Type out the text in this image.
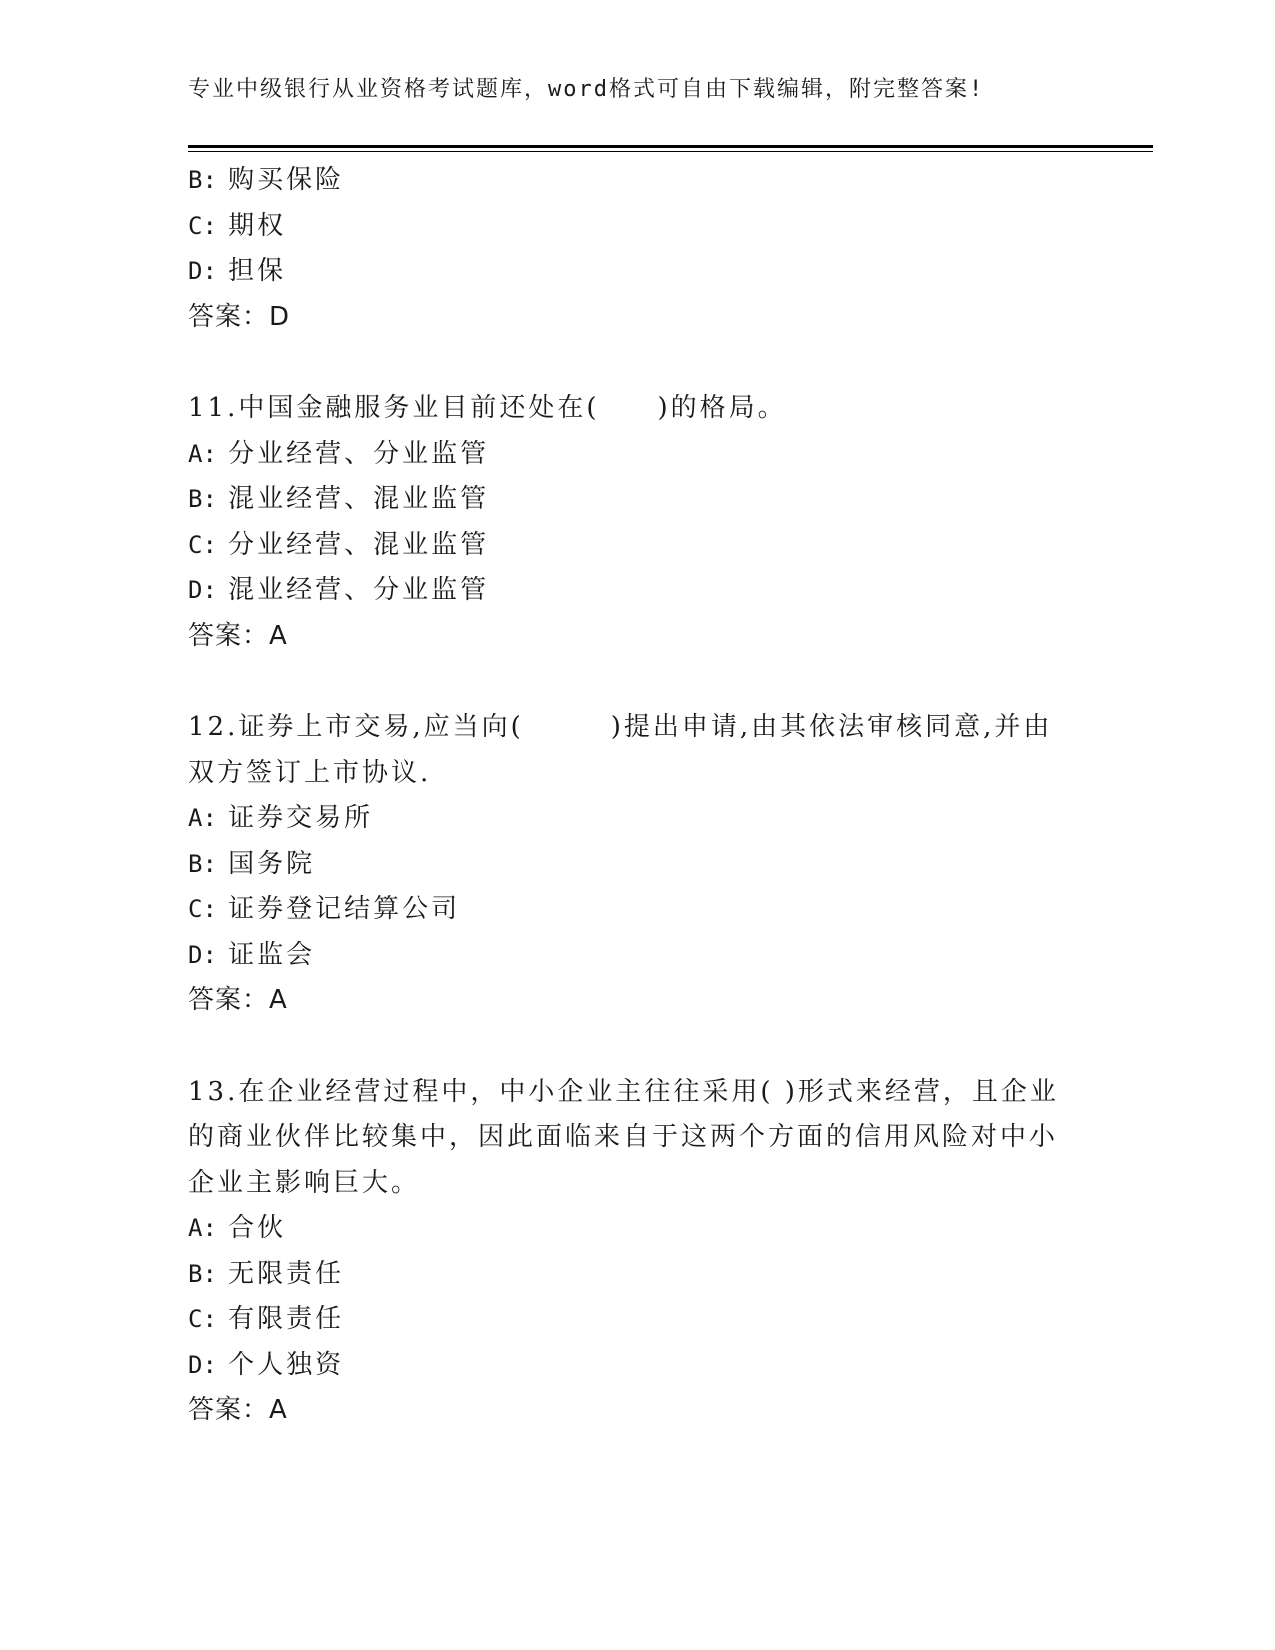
专业中级银行从业资格考试题库，word格式可自由下载编辑，附完整答案!
B: 购买保险
C: 期权
D: 担保
答案：D
11.中国金融服务业目前还处在(　　)的格局。
A: 分业经营、分业监管
B: 混业经营、混业监管
C: 分业经营、混业监管
D: 混业经营、分业监管
答案：A
12.证券上市交易,应当向(　　　)提出申请,由其依法审核同意,并由
双方签订上市协议.
A: 证券交易所
B: 国务院
C: 证券登记结算公司
D: 证监会
答案：A
13.在企业经营过程中，中小企业主往往采用( )形式来经营，且企业
的商业伙伴比较集中，因此面临来自于这两个方面的信用风险对中小
企业主影响巨大。
A: 合伙
B: 无限责任
C: 有限责任
D: 个人独资
答案：A
